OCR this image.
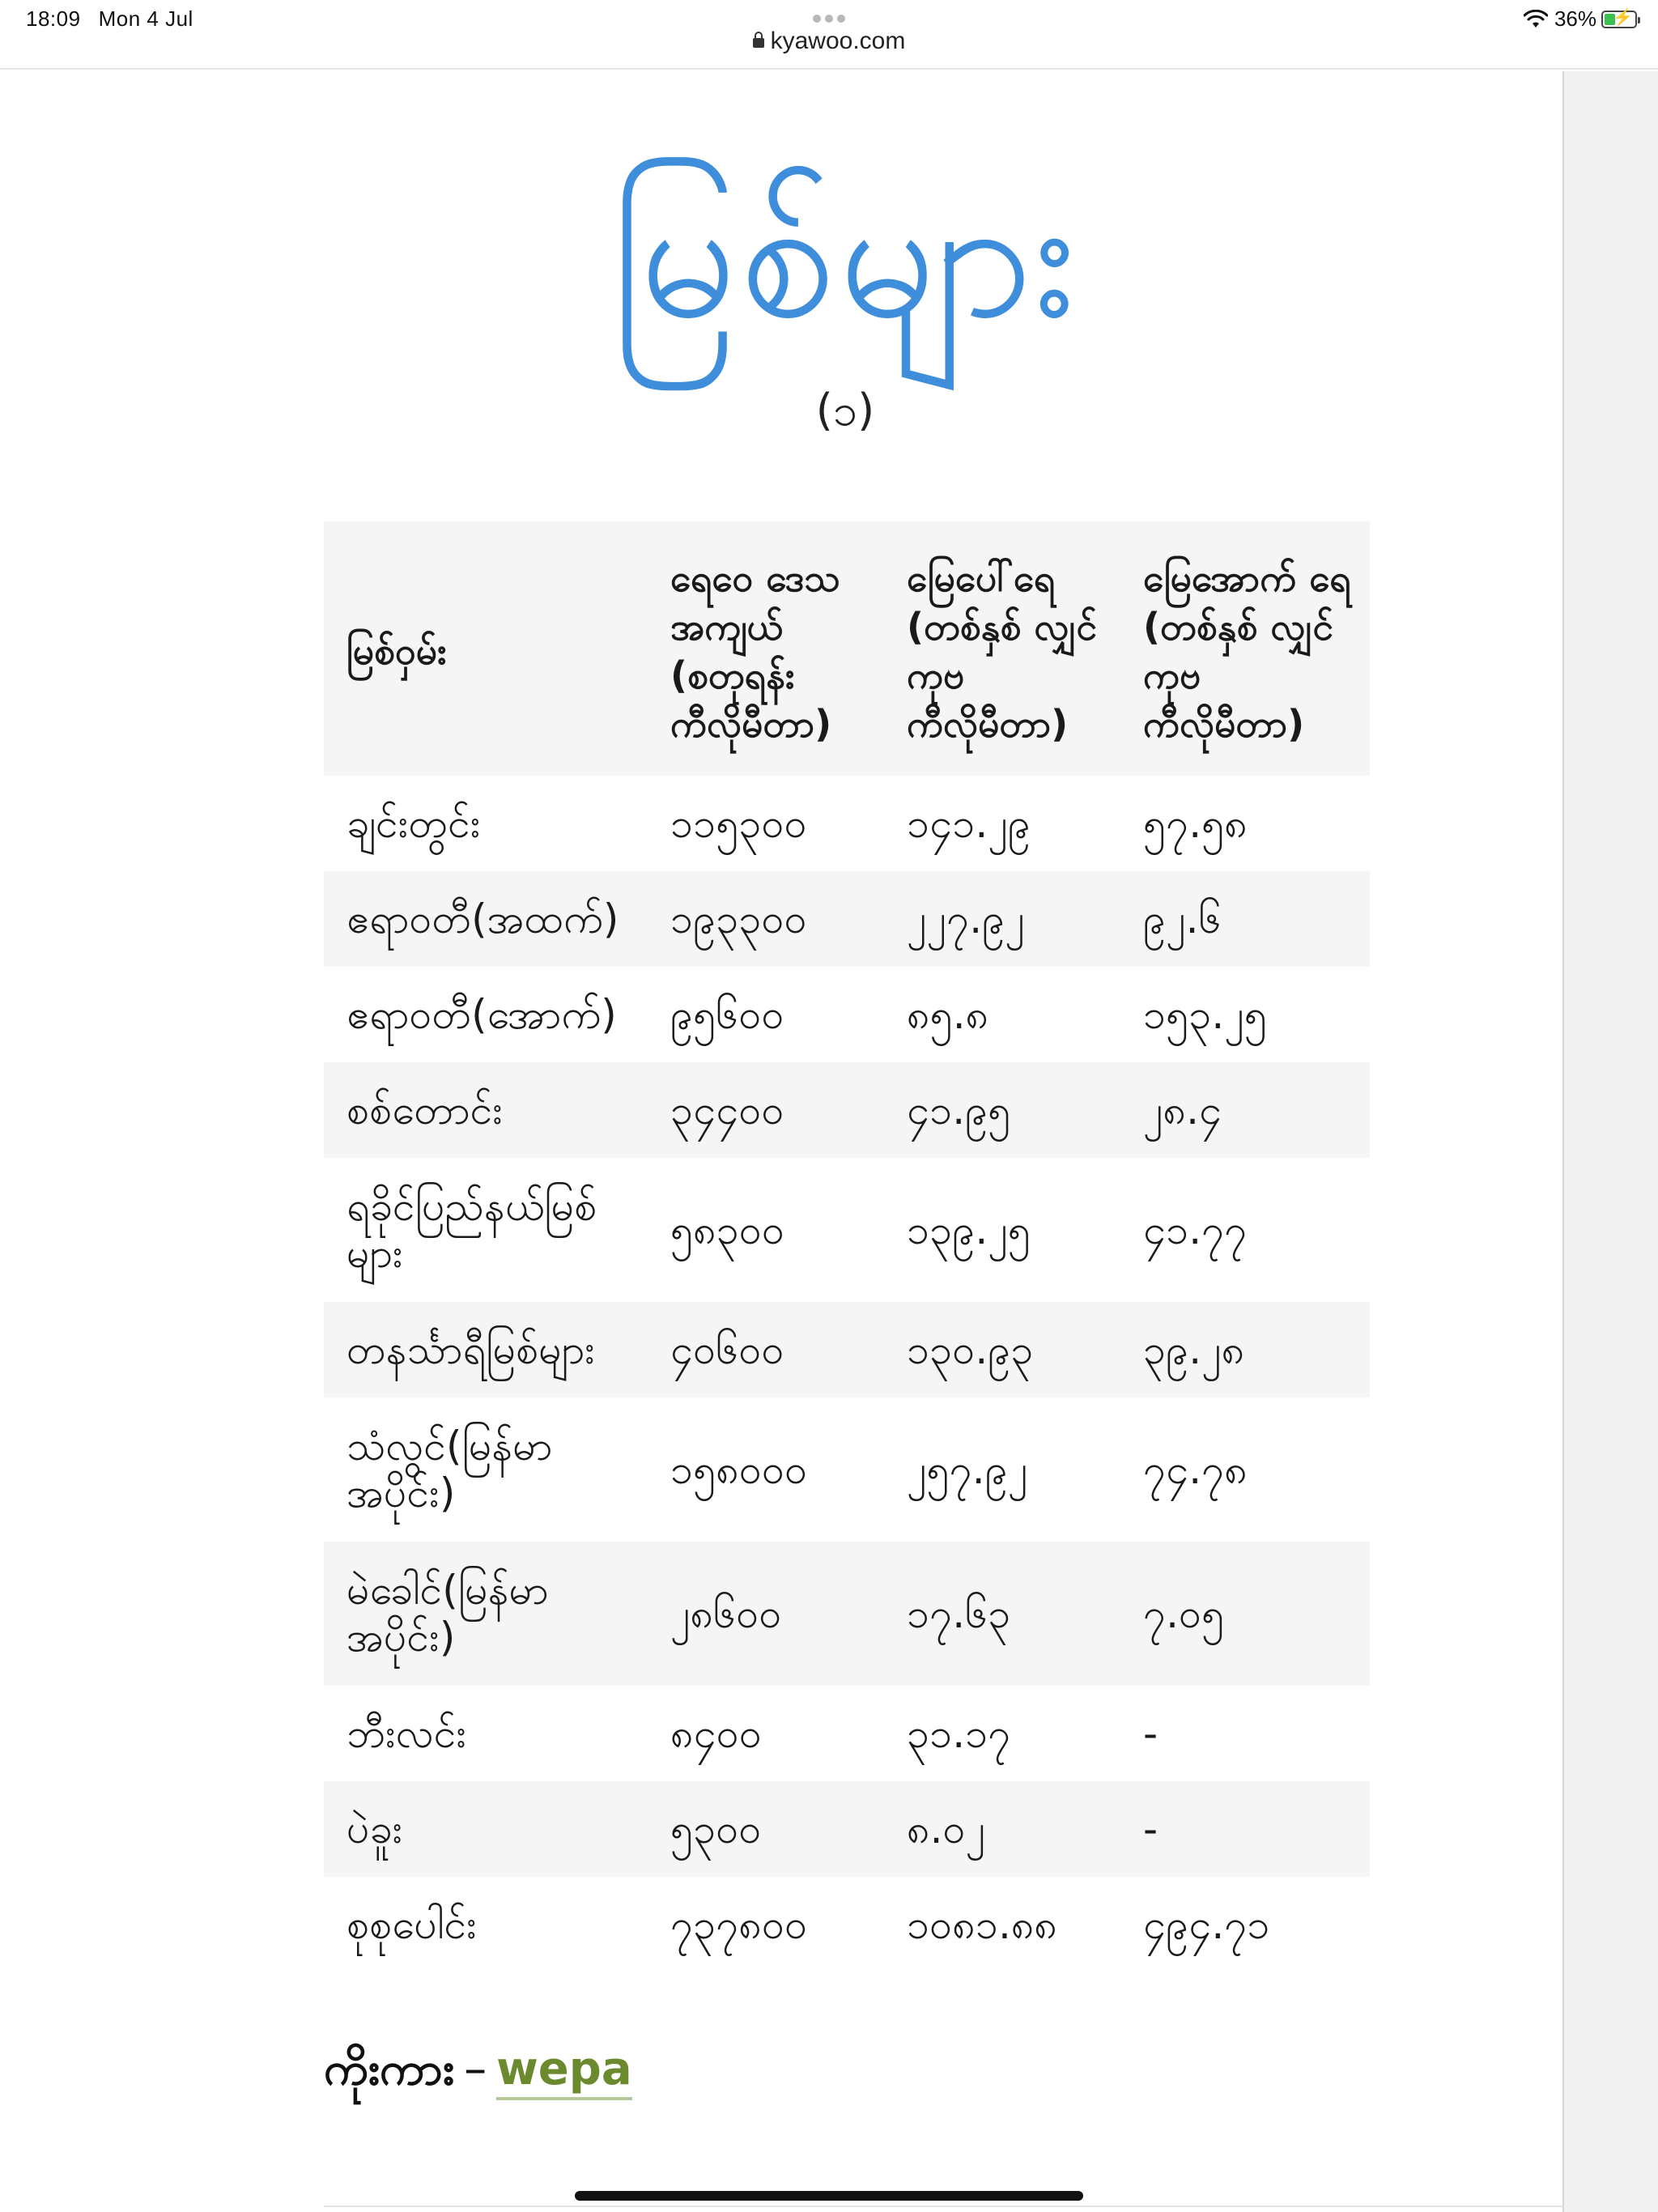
18:09 Mon 4 Jul
kyawoo.com
36% ⚡
မြစ်များ
(၁)
မြစ်ဝှမ်း	ရေဝေ ဒေသ အကျယ် (စတုရန်း ကီလိုမီတာ)	မြေပေါ်ရေ (တစ်နှစ် လျှင် ကုဗ ကီလိုမီတာ)	မြေအောက် ရေ (တစ်နှစ် လျှင် ကုဗ ကီလိုမီတာ)
ချင်းတွင်း	၁၁၅၃၀၀	၁၄၁.၂၉	၅၇.၅၈
ဧရာဝတီ(အထက်)	၁၉၃၃၀၀	၂၂၇.၉၂	၉၂.၆
ဧရာဝတီ(အောက်)	၉၅၆၀၀	၈၅.၈	၁၅၃.၂၅
စစ်တောင်း	၃၄၄၀၀	၄၁.၉၅	၂၈.၄
ရခိုင်ပြည်နယ်မြစ်များ	၅၈၃၀၀	၁၃၉.၂၅	၄၁.၇၇
တနင်္သာရီမြစ်များ	၄၀၆၀၀	၁၃၀.၉၃	၃၉.၂၈
သံလွင်(မြန်မာအပိုင်း)	၁၅၈၀၀၀	၂၅၇.၉၂	၇၄.၇၈
မဲခေါင်(မြန်မာအပိုင်း)	၂၈၆၀၀	၁၇.၆၃	၇.၀၅
ဘီးလင်း	၈၄၀၀	၃၁.၁၇	-
ပဲခူး	၅၃၀၀	၈.၀၂	-
စုစုပေါင်း	၇၃၇၈၀၀	၁၀၈၁.၈၈	၄၉၄.၇၁
ကိုးကား – wepa
